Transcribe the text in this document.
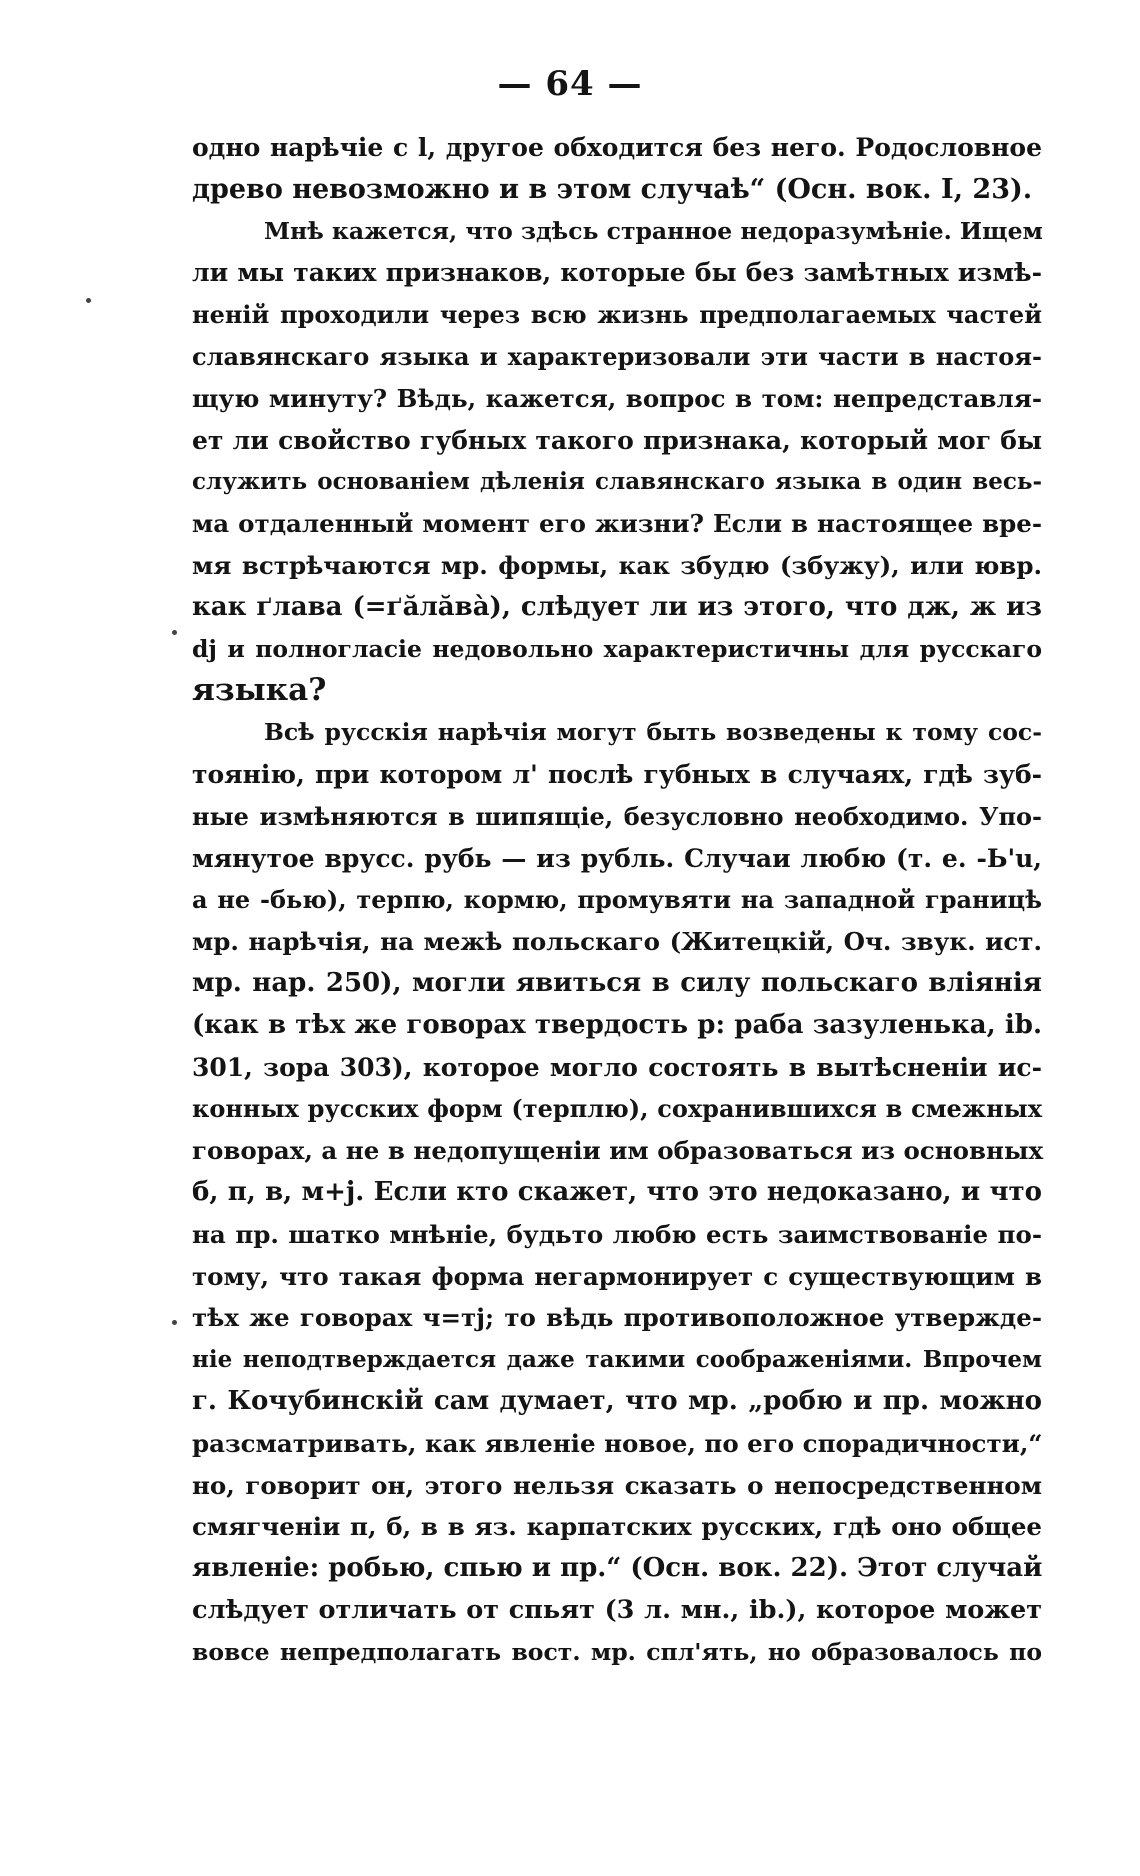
— 64 —
одно нарѣчіе с l, другое обходится без него. Родословное
древо невозможно и в этом случаѣ“ (Осн. вок. I, 23).
Мнѣ кажется, что здѣсь странное недоразумѣніе. Ищем
ли мы таких признаков, которые бы без замѣтных измѣ-
неній проходили через всю жизнь предполагаемых частей
славянскаго языка и характеризовали эти части в настоя-
щую минуту? Вѣдь, кажется, вопрос в том: непредставля-
ет ли свойство губных такого признака, который мог бы
служить основаніем дѣленія славянскаго языка в один весь-
ма отдаленный момент его жизни? Если в настоящее вре-
мя встрѣчаются мр. формы, как збудю (збужу), или ювр.
как ґлава (=ґӑлӑва̀), слѣдует ли из этого, что дж, ж из
dj и полногласіе недовольно характеристичны для русскаго
языка?
Всѣ русскія нарѣчія могут быть возведены к тому сос-
тоянію, при котором л' послѣ губных в случаях, гдѣ зуб-
ные измѣняются в шипящіе, безусловно необходимо. Упо-
мянутое врусс. рубь — из рубль. Случаи любю (т. е. -Ь'u,
а не -бью), терпю, кормю, промувяти на западной границѣ
мр. нарѣчія, на межѣ польскаго (Житецкій, Оч. звук. ист.
мр. нар. 250), могли явиться в силу польскаго вліянія
(как в тѣх же говорах твердость р: раба зазуленька, ib.
301, зора 303), которое могло состоять в вытѣсненіи ис-
конных русских форм (терплю), сохранившихся в смежных
говорах, а не в недопущеніи им образоваться из основных
б, п, в, м+j. Если кто скажет, что это недоказано, и что
на пр. шатко мнѣніе, будьто любю есть заимствованіе по-
тому, что такая форма негармонирует с существующим в
тѣх же говорах ч=тj; то вѣдь противоположное утвержде-
ніе неподтверждается даже такими соображеніями. Впрочем
г. Кочубинскій сам думает, что мр. „робю и пр. можно
разсматривать, как явленіе новое, по его спорадичности,“
но, говорит он, этого нельзя сказать о непосредственном
смягченіи п, б, в в яз. карпатских русских, гдѣ оно общее
явленіе: робью, спью и пр.“ (Осн. вок. 22). Этот случай
слѣдует отличать от спьят (3 л. мн., ib.), которое может
вовсе непредполагать вост. мр. спл'ять, но образовалось по
